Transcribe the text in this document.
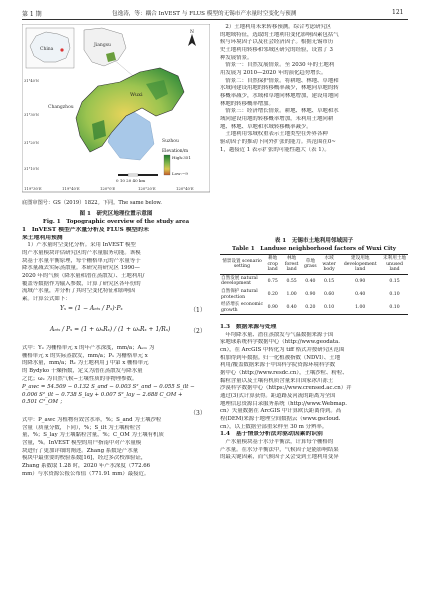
第 1 期	包逸涛，等：耦合 InVEST 与 FLUS 模型的无锡市产水量时空变化与预测	121
China
Jiangsu
Changzhou
Wuxi
Suzhou
N
Elevation/m
High:351
Low:−9
0 10 20 40 km
119°30′E	119°40′E	120°0′E	120°20′E	120°40′E
31°40′N
31°30′N
31°20′N
31°10′N
底图审图号：GS（2019）1822。下同。The same below.
图 1　研究区地理位置示意图
Fig. 1　Topographic overview of the study area
1　InVEST 模型产水量分析及 FLUS 模型的未
来土地利用预测
　1）产水量时空变化分析。采用 InVEST 模型
的产水量模块评估研究区的产水量服务功能。该模
块基于水量平衡原理，每个栅格单元的产水量等于
降水量减去实际蒸散量。本研究将研究区 1990—
2020 年的气候（降水量和潜在蒸散发）、土地利用/
覆盖等数据作为输入参数，计算了研究区各年份的
流域产水量，并分析了其时空变化特征和影响因
素。计算公式如下：
Yₓ = (1 − Aₑₜₓ / Pₓ)·Pₓ	（1）
Aₑₜₓ / Pₓ = (1 + ωₓRₓ) / (1 + ωₓRₓ + 1/Rₓ)	（2）
式中：Yₓ 为栅格单元 x 的年产水深度，mm/a；Aₑₜₓ 为
栅格单元 x 的实际蒸散发，mm/a；Pₓ 为栅格单元 x
的降水量，mm/a；Rₓ 为土地利用 j 中第 x 栅格单元
的 Bydyko 干燥指数，定义为潜在蒸散发与降水量
之比；ωₓ 为自然气候−土壤性质的非物理参数。
P_awc = 54.509 − 0.132 S_and − 0.003 S²_and − 0.055 S_ilt −
0.006 S²_ilt − 0.738 S_lay + 0.007 S²_lay − 2.688 C_OM +
0.501 C²_OM ；
（3）
式中：P_awc 为植物有效含水率，%；S_and 为土壤沙粒
含量（质量分数，下同），%；S_ilt 为土壤粉粒含
量，%；S_lay 为土壤黏粒含量，%；C_OM 为土壤有机质
含量，%。InVEST 模型的用户指南中对产水量模
块进行了更加详细的阐述。Zhang 系数是产水量
模块中最重要的校验系数[16]，经过多次校准验证，
Zhang 系数取 1.28 时，2020 年产水深度（772.66
mm）与水资源公报公布值（771.91 mm）最接近。
　2）土地利用未来转移预测。综合考虑研究区
的地域特征，选取的土地利用变化影响因素包括气
候与环境因子以及社会经济因子。根据无锡市历
史土地利用转移和邻域区研究的经验，设置了 3
种发展情景。
　情景一：自然发展情景。至 2030 年的土地利
用发展为 2010—2020 年的演化趋势增长。
　情景二：自然保护情景。将耕地、林地、草地和
水域向建设用地的转移概率减少，林地向草地的转
移概率减少，水域和草地向林地增加，建设用地向
林地的转移概率增加。
　情景三：经济增长情景。耕地、林地、草地和水
域向建设用地的转移概率增加，未利用土地向耕
地、林地、草地和水域转移概率减少。
　土地利用邻域权重表示土地类型在外界各种
驱动因子的推动下向外扩张的能力。其范围在0~
1，越接近 1 表示扩张的可能性越大（表 1）。
表 1　无锡市土地利用邻域因子
Table 1　Landuse neighborhood factors of Wuxi City
情景设置 scenario setting	耕地 crop land	林地 forest land	草地 grass	水域 water body	建设用地 developement land	未利用土地 unused land
自然发展 natural development	0.75	0.55	0.40	0.15	0.90	0.15
自然保护 natural protection	0.20	1.00	0.90	0.60	0.40	0.10
经济增长 economic growth	0.90	0.40	0.20	0.10	1.00	0.10
1.3　数据来源与处理
　年均降水量、潜在蒸散发与气温数据来源于国
家地球系统科学数据中心（http://www.geodata.
cn），在 ArcGIS 中转化为 tiff 格式并按研究区范围
相加得到年数据。归一化植被指数（NDVI）、土地
利用/覆盖数据来源于中国科学院资源环境科学数
据中心（http://www.resdc.cn），土壤沙粒、粉粒、
黏粒含量以及土壤有机质含量来自国家冰川冻土
沙漠科学数据中心（https://www.crensed.ac.cn）并
通过(3)式计算获得。距道路及河流的距离为全国
地理信息资源目录服务系统（http://www.Webmap.
cn）矢量数据在 ArcGIS 中计算欧氏距离得到。高
程(DEM)来源于地理空间数据云（www.gscloud.
cn），以上数据全部重采样至 30 m 分辨率。
1.4　基于情景分析法对驱动因素的识别
　产水量模块基于水分平衡法，计算每个栅格的
产水量。在水分平衡法中，气候因子是能影响结果
的最关键因素，而气候因子又会受到土地利用变异
